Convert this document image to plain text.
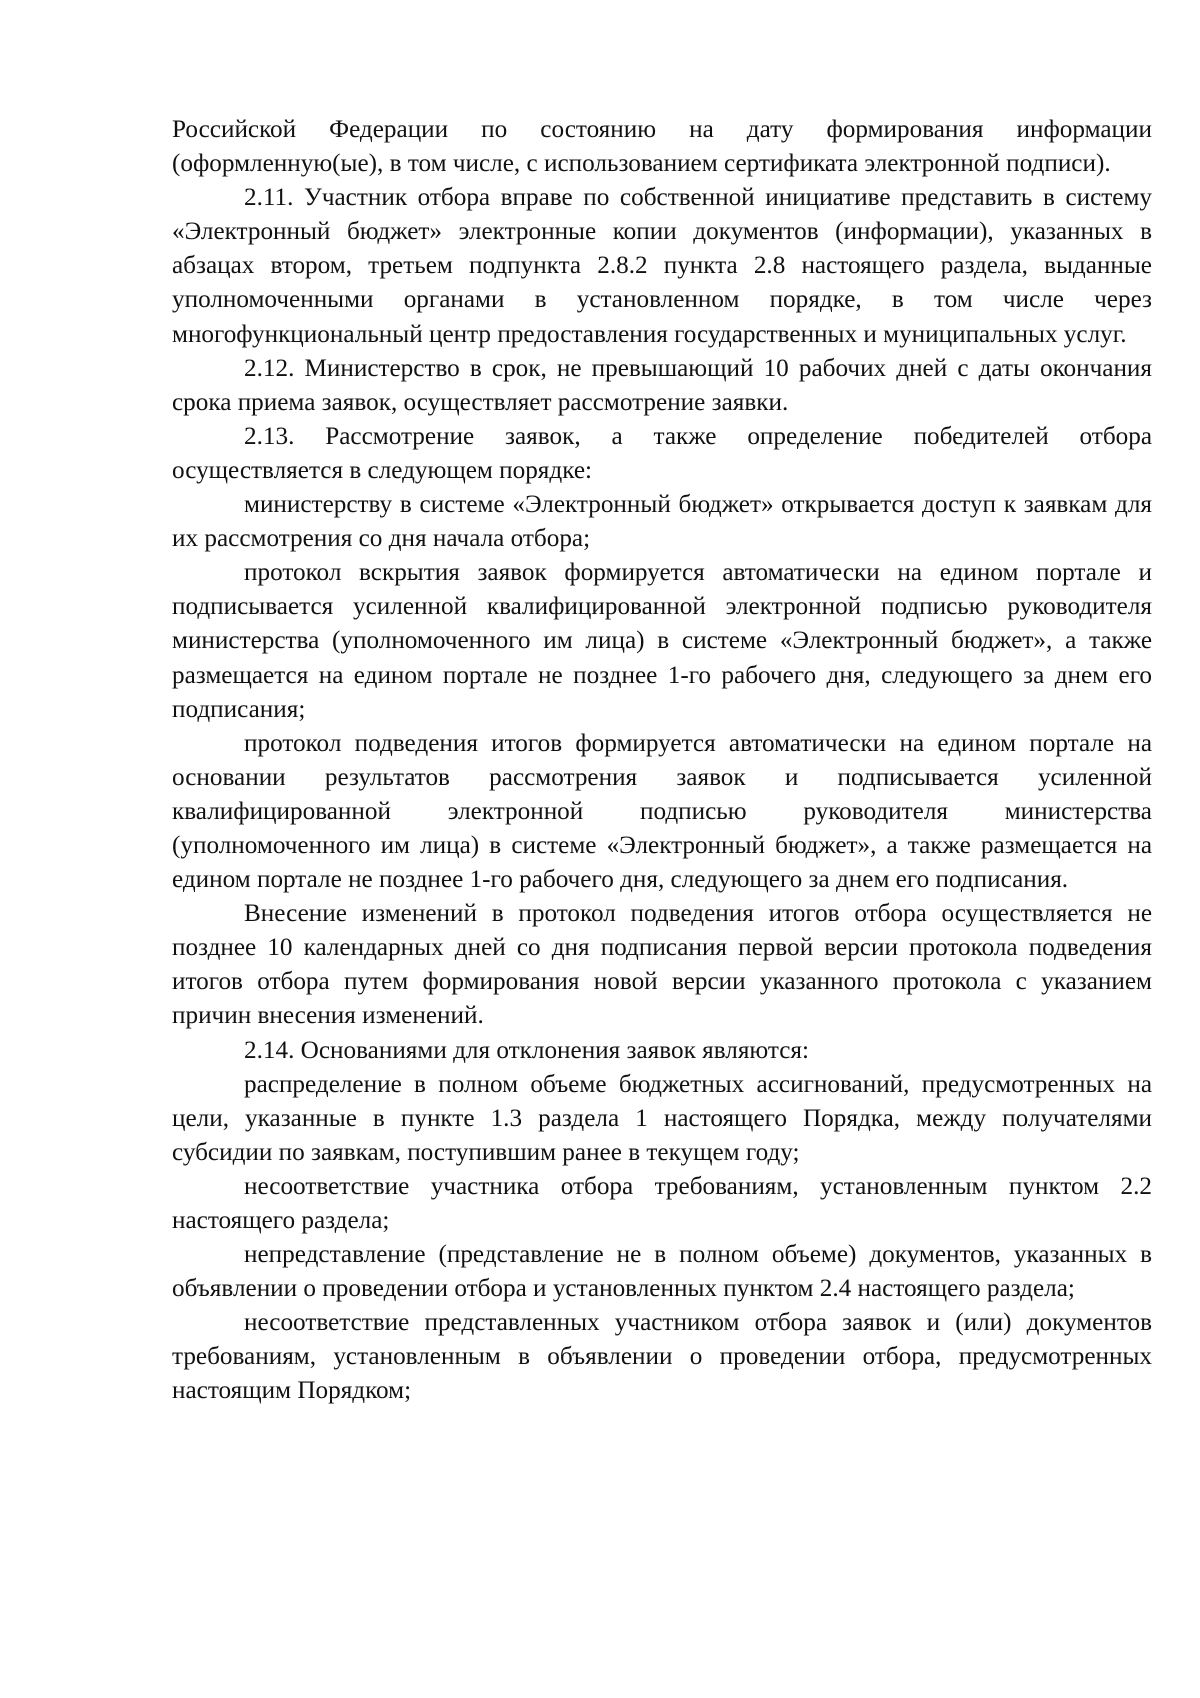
Российской Федерации по состоянию на дату формирования информации (оформленную(ые), в том числе, с использованием сертификата электронной подписи).

2.11. Участник отбора вправе по собственной инициативе представить в систему «Электронный бюджет» электронные копии документов (информации), указанных в абзацах втором, третьем подпункта 2.8.2 пункта 2.8 настоящего раздела, выданные уполномоченными органами в установленном порядке, в том числе через многофункциональный центр предоставления государственных и муниципальных услуг.

2.12. Министерство в срок, не превышающий 10 рабочих дней с даты окончания срока приема заявок, осуществляет рассмотрение заявки.

2.13. Рассмотрение заявок, а также определение победителей отбора осуществляется в следующем порядке:

министерству в системе «Электронный бюджет» открывается доступ к заявкам для их рассмотрения со дня начала отбора;

протокол вскрытия заявок формируется автоматически на едином портале и подписывается усиленной квалифицированной электронной подписью руководителя министерства (уполномоченного им лица) в системе «Электронный бюджет», а также размещается на едином портале не позднее 1-го рабочего дня, следующего за днем его подписания;

протокол подведения итогов формируется автоматически на едином портале на основании результатов рассмотрения заявок и подписывается усиленной квалифицированной электронной подписью руководителя министерства (уполномоченного им лица) в системе «Электронный бюджет», а также размещается на едином портале не позднее 1-го рабочего дня, следующего за днем его подписания.

Внесение изменений в протокол подведения итогов отбора осуществляется не позднее 10 календарных дней со дня подписания первой версии протокола подведения итогов отбора путем формирования новой версии указанного протокола с указанием причин внесения изменений.

2.14. Основаниями для отклонения заявок являются:

распределение в полном объеме бюджетных ассигнований, предусмотренных на цели, указанные в пункте 1.3 раздела 1 настоящего Порядка, между получателями субсидии по заявкам, поступившим ранее в текущем году;

несоответствие участника отбора требованиям, установленным пунктом 2.2 настоящего раздела;

непредставление (представление не в полном объеме) документов, указанных в объявлении о проведении отбора и установленных пунктом 2.4 настоящего раздела;

несоответствие представленных участником отбора заявок и (или) документов требованиям, установленным в объявлении о проведении отбора, предусмотренных настоящим Порядком;
